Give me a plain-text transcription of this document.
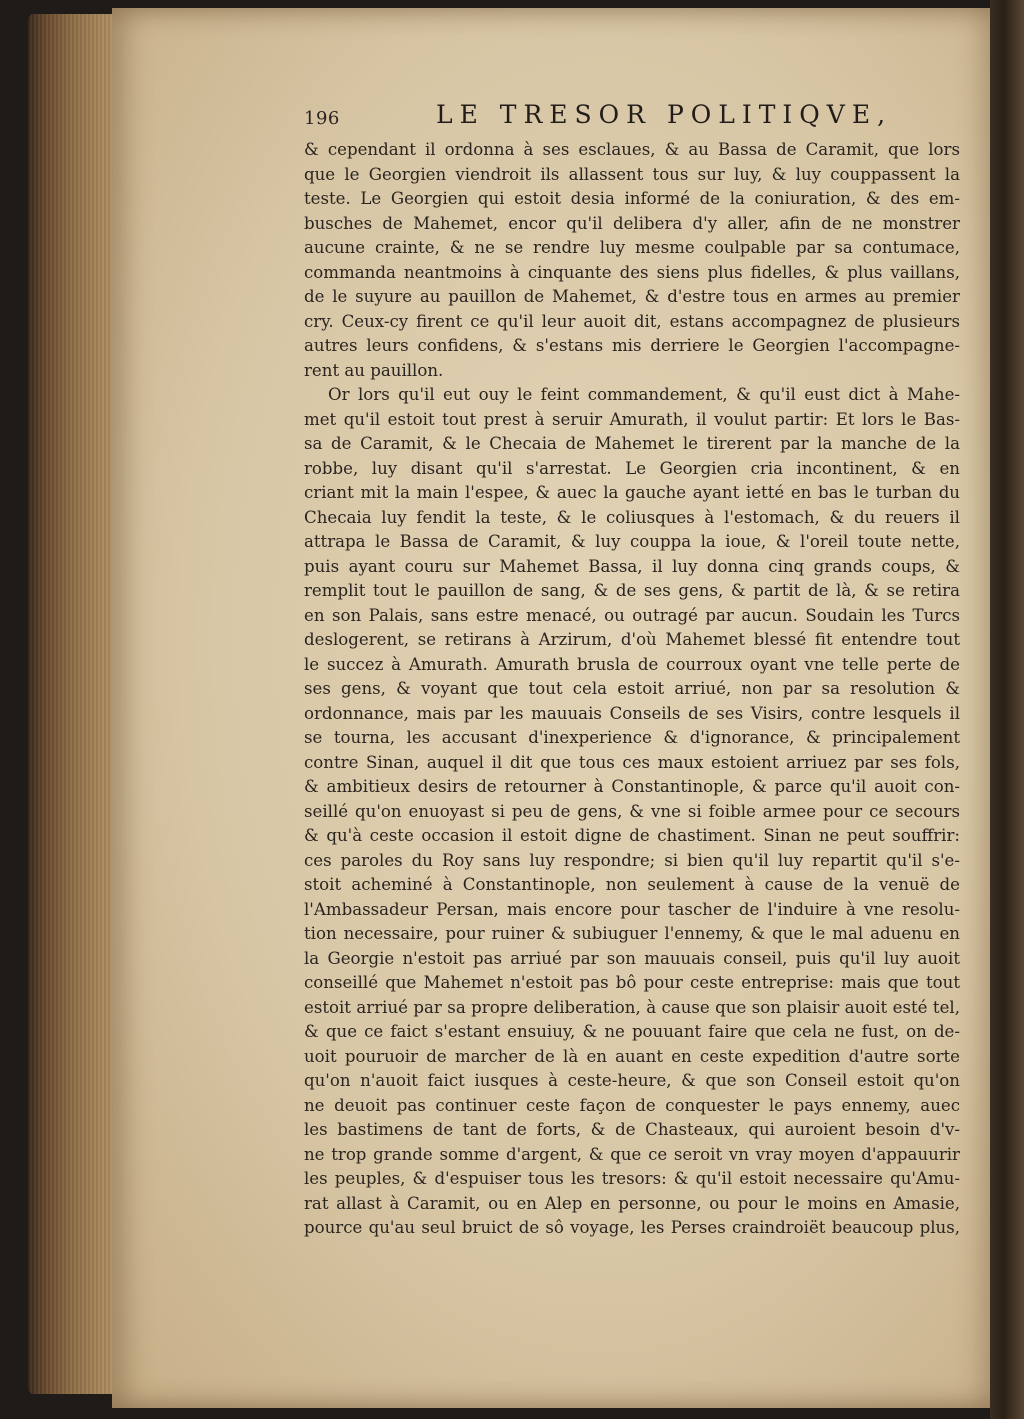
196	LE TRESOR POLITIQVE,
& cependant il ordonna à ses esclaues, & au Bassa de Caramit, que lors
que le Georgien viendroit ils allassent tous sur luy, & luy couppassent la
teste. Le Georgien qui estoit desia informé de la coniuration, & des em-
busches de Mahemet, encor qu'il delibera d'y aller, afin de ne monstrer
aucune crainte, & ne se rendre luy mesme coulpable par sa contumace,
commanda neantmoins à cinquante des siens plus fidelles, & plus vaillans,
de le suyure au pauillon de Mahemet, & d'estre tous en armes au premier
cry. Ceux-cy firent ce qu'il leur auoit dit, estans accompagnez de plusieurs
autres leurs confidens, & s'estans mis derriere le Georgien l'accompagne-
rent au pauillon.
Or lors qu'il eut ouy le feint commandement, & qu'il eust dict à Mahe-
met qu'il estoit tout prest à seruir Amurath, il voulut partir: Et lors le Bas-
sa de Caramit, & le Checaia de Mahemet le tirerent par la manche de la
robbe, luy disant qu'il s'arrestat. Le Georgien cria incontinent, & en
criant mit la main l'espee, & auec la gauche ayant ietté en bas le turban du
Checaia luy fendit la teste, & le coliusques à l'estomach, & du reuers il
attrapa le Bassa de Caramit, & luy couppa la ioue, & l'oreil toute nette,
puis ayant couru sur Mahemet Bassa, il luy donna cinq grands coups, &
remplit tout le pauillon de sang, & de ses gens, & partit de là, & se retira
en son Palais, sans estre menacé, ou outragé par aucun. Soudain les Turcs
deslogerent, se retirans à Arzirum, d'où Mahemet blessé fit entendre tout
le succez à Amurath. Amurath brusla de courroux oyant vne telle perte de
ses gens, & voyant que tout cela estoit arriué, non par sa resolution &
ordonnance, mais par les mauuais Conseils de ses Visirs, contre lesquels il
se tourna, les accusant d'inexperience & d'ignorance, & principalement
contre Sinan, auquel il dit que tous ces maux estoient arriuez par ses fols,
& ambitieux desirs de retourner à Constantinople, & parce qu'il auoit con-
seillé qu'on enuoyast si peu de gens, & vne si foible armee pour ce secours
& qu'à ceste occasion il estoit digne de chastiment. Sinan ne peut souffrir:
ces paroles du Roy sans luy respondre; si bien qu'il luy repartit qu'il s'e-
stoit acheminé à Constantinople, non seulement à cause de la venuë de
l'Ambassadeur Persan, mais encore pour tascher de l'induire à vne resolu-
tion necessaire, pour ruiner & subiuguer l'ennemy, & que le mal aduenu en
la Georgie n'estoit pas arriué par son mauuais conseil, puis qu'il luy auoit
conseillé que Mahemet n'estoit pas bô pour ceste entreprise: mais que tout
estoit arriué par sa propre deliberation, à cause que son plaisir auoit esté tel,
& que ce faict s'estant ensuiuy, & ne pouuant faire que cela ne fust, on de-
uoit pouruoir de marcher de là en auant en ceste expedition d'autre sorte
qu'on n'auoit faict iusques à ceste-heure, & que son Conseil estoit qu'on
ne deuoit pas continuer ceste façon de conquester le pays ennemy, auec
les bastimens de tant de forts, & de Chasteaux, qui auroient besoin d'v-
ne trop grande somme d'argent, & que ce seroit vn vray moyen d'appauurir
les peuples, & d'espuiser tous les tresors: & qu'il estoit necessaire qu'Amu-
rat allast à Caramit, ou en Alep en personne, ou pour le moins en Amasie,
pource qu'au seul bruict de sô voyage, les Perses craindroiët beaucoup plus,
